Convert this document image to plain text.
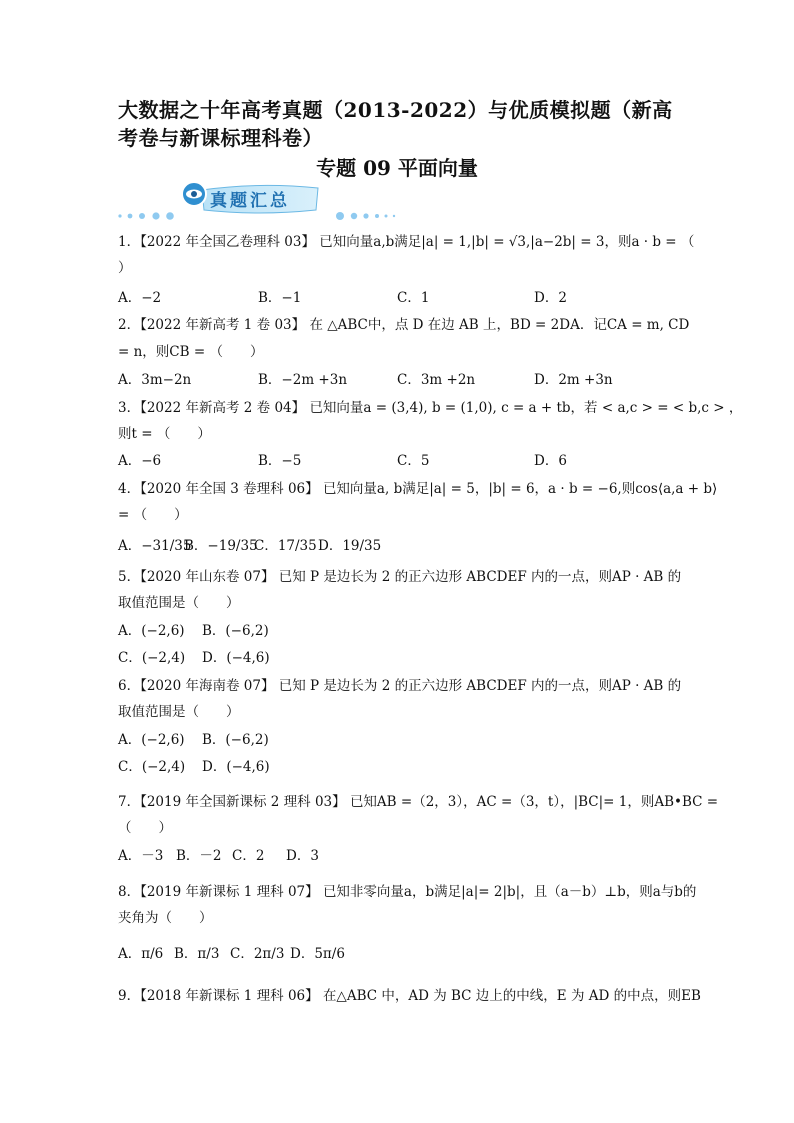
大数据之十年高考真题（2013-2022）与优质模拟题（新高考卷与新课标理科卷）
专题 09 平面向量
真题汇总
1．【2022 年全国乙卷理科 03】 已知向量a,b满足|a| = 1,|b| = √3,|a−2b| = 3，则a · b = （
）
A．−2	B．−1	C．1	D．2
2．【2022 年新高考 1 卷 03】 在 △ABC中，点 D 在边 AB 上，BD = 2DA．记CA = m, CD
= n，则CB = （　　）
A．3m−2n	B．−2m +3n	C．3m +2n	D．2m +3n
3．【2022 年新高考 2 卷 04】 已知向量a = (3,4), b = (1,0), c = a + tb，若 < a,c > = < b,c > ，
则t = （　　）
A．−6	B．−5	C．5	D．6
4．【2020 年全国 3 卷理科 06】 已知向量a, b满足|a| = 5，|b| = 6，a · b = −6,则cos⟨a,a + b⟩
= （　　）
A．−31/35
B．−19/35
C．17/35 D．19/35
5．【2020 年山东卷 07】 已知 P 是边长为 2 的正六边形 ABCDEF 内的一点，则AP · AB 的
取值范围是（　　）
A．(−2,6) B．(−6,2)
C．(−2,4) D．(−4,6)
6．【2020 年海南卷 07】 已知 P 是边长为 2 的正六边形 ABCDEF 内的一点，则AP · AB 的
取值范围是（　　）
A．(−2,6) B．(−6,2)
C．(−2,4) D．(−4,6)
7．【2019 年全国新课标 2 理科 03】 已知AB =（2，3），AC =（3，t），|BC|= 1，则AB•BC =
（　　）
A．－3 B．－2 C．2 D．3
8．【2019 年新课标 1 理科 07】 已知非零向量a，b满足|a|= 2|b|，且（a－b）⊥b，则a与b的
夹角为（　　）
A．π/6 B．π/3 C．2π/3 D．5π/6
9．【2018 年新课标 1 理科 06】 在△ABC 中，AD 为 BC 边上的中线，E 为 AD 的中点，则EB
